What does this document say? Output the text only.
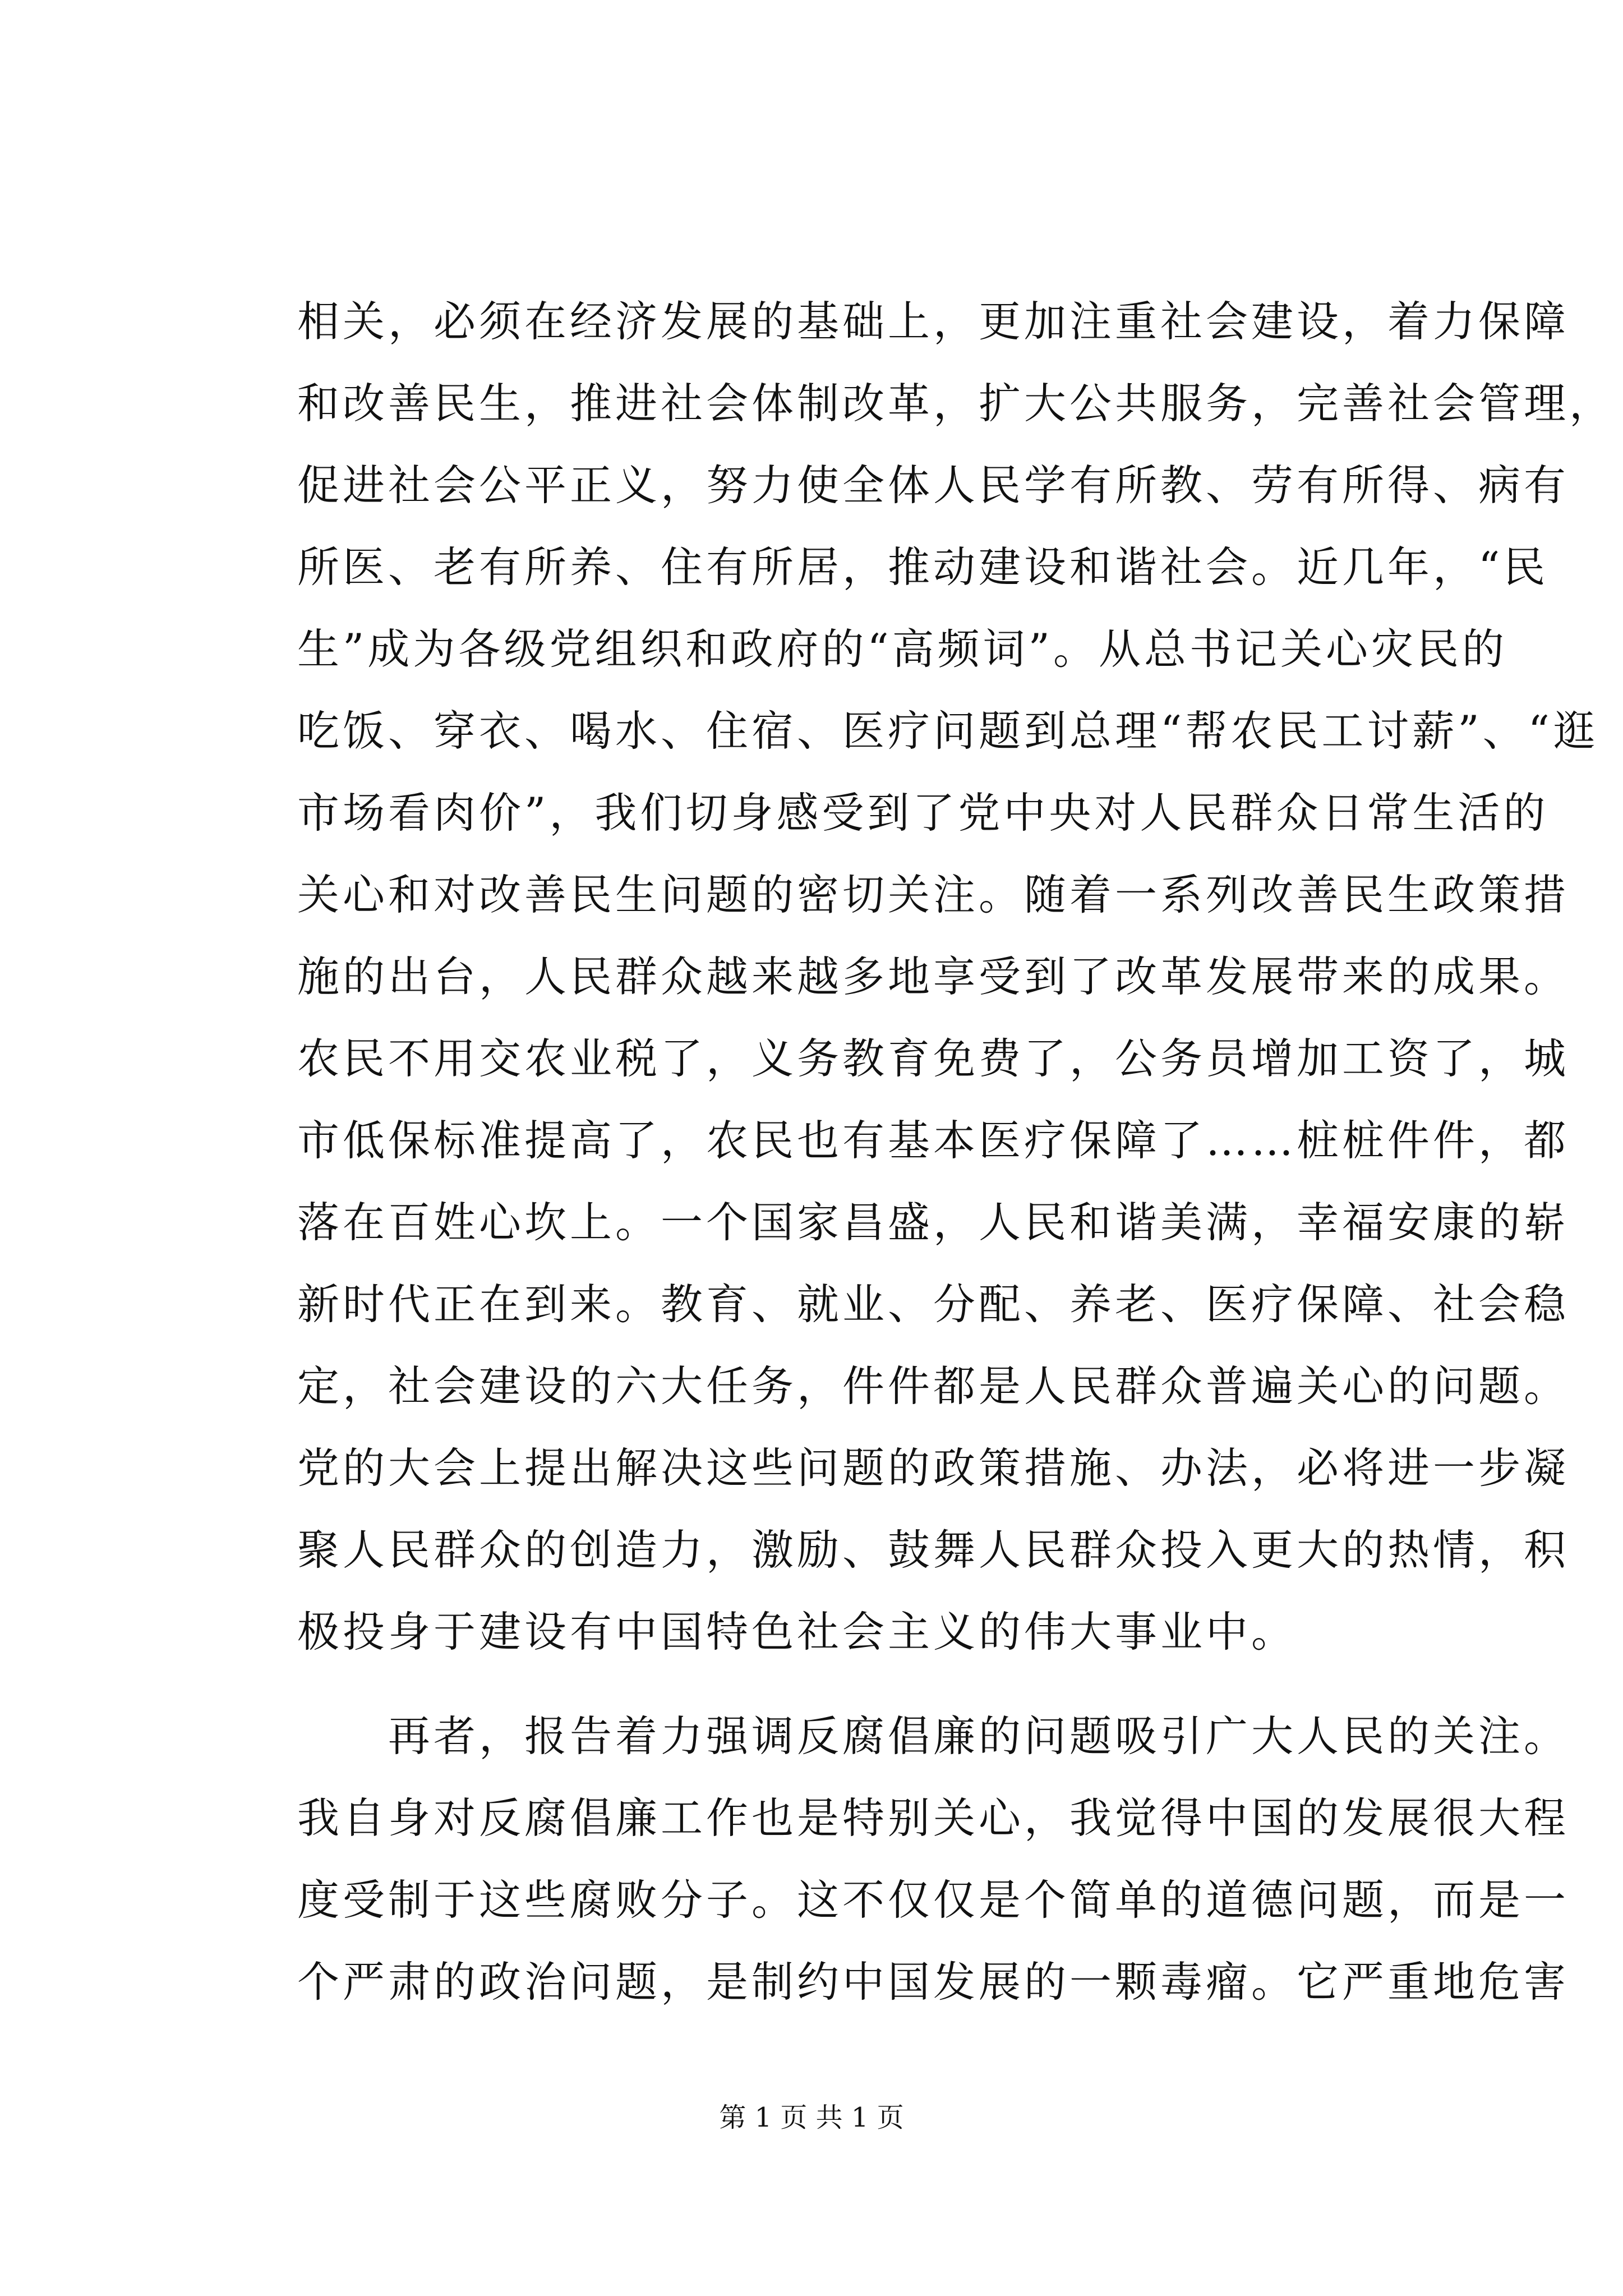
相关，必须在经济发展的基础上，更加注重社会建设，着力保障
和改善民生，推进社会体制改革，扩大公共服务，完善社会管理，
促进社会公平正义，努力使全体人民学有所教、劳有所得、病有
所医、老有所养、住有所居，推动建设和谐社会。近几年，“民
生”成为各级党组织和政府的“高频词”。从总书记关心灾民的
吃饭、穿衣、喝水、住宿、医疗问题到总理“帮农民工讨薪”、“逛
市场看肉价”，我们切身感受到了党中央对人民群众日常生活的
关心和对改善民生问题的密切关注。随着一系列改善民生政策措
施的出台，人民群众越来越多地享受到了改革发展带来的成果。
农民不用交农业税了，义务教育免费了，公务员增加工资了，城
市低保标准提高了，农民也有基本医疗保障了……桩桩件件，都
落在百姓心坎上。一个国家昌盛，人民和谐美满，幸福安康的崭
新时代正在到来。教育、就业、分配、养老、医疗保障、社会稳
定，社会建设的六大任务，件件都是人民群众普遍关心的问题。
党的大会上提出解决这些问题的政策措施、办法，必将进一步凝
聚人民群众的创造力，激励、鼓舞人民群众投入更大的热情，积
极投身于建设有中国特色社会主义的伟大事业中。
　　再者，报告着力强调反腐倡廉的问题吸引广大人民的关注。
我自身对反腐倡廉工作也是特别关心，我觉得中国的发展很大程
度受制于这些腐败分子。这不仅仅是个简单的道德问题，而是一
个严肃的政治问题，是制约中国发展的一颗毒瘤。它严重地危害
第 1 页 共 1 页
